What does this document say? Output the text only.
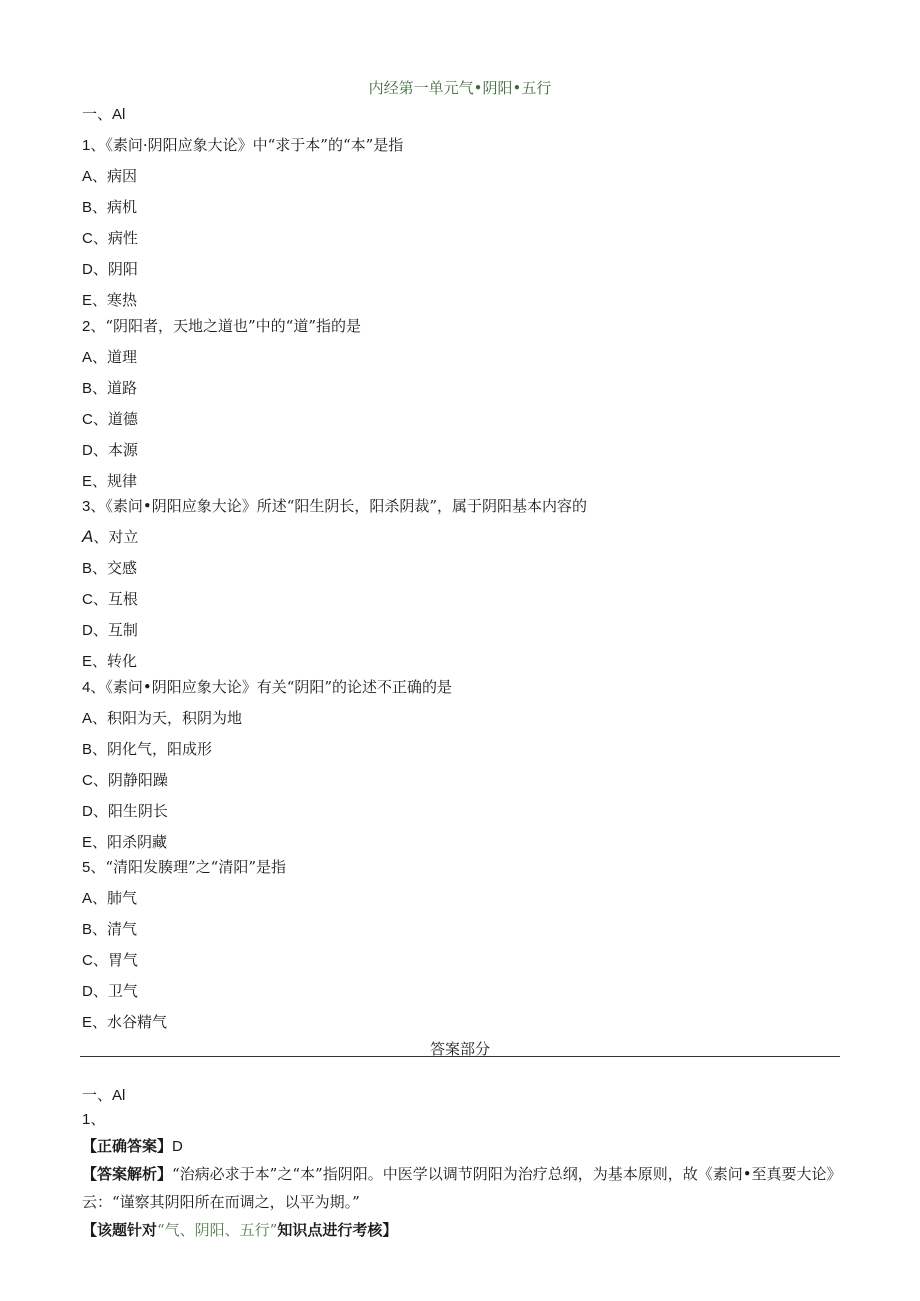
内经第一单元气•阴阳•五行
一、Al
1、《素问·阴阳应象大论》中“求于本”的“本”是指
A、病因
B、病机
C、病性
D、阴阳
E、寒热
2、“阴阳者，天地之道也”中的“道”指的是
A、道理
B、道路
C、道德
D、本源
E、规律
3、《素问•阴阳应象大论》所述“阳生阴长，阳杀阴裁”，属于阴阳基本内容的
A、对立
B、交感
C、互根
D、互制
E、转化
4、《素问•阴阳应象大论》有关“阴阳”的论述不正确的是
A、积阳为天，积阴为地
B、阴化气，阳成形
C、阴静阳躁
D、阳生阴长
E、阳杀阴藏
5、“清阳发腠理”之“清阳”是指
A、肺气
B、清气
C、胃气
D、卫气
E、水谷精气
答案部分
一、Al
1、
【正确答案】D
【答案解析】“治病必求于本”之“本”指阴阳。中医学以调节阴阳为治疗总纲，为基本原则，故《素问•至真要大论》云：“谨察其阴阳所在而调之，以平为期。”
【该题针对“气、阴阳、五行”知识点进行考核】
